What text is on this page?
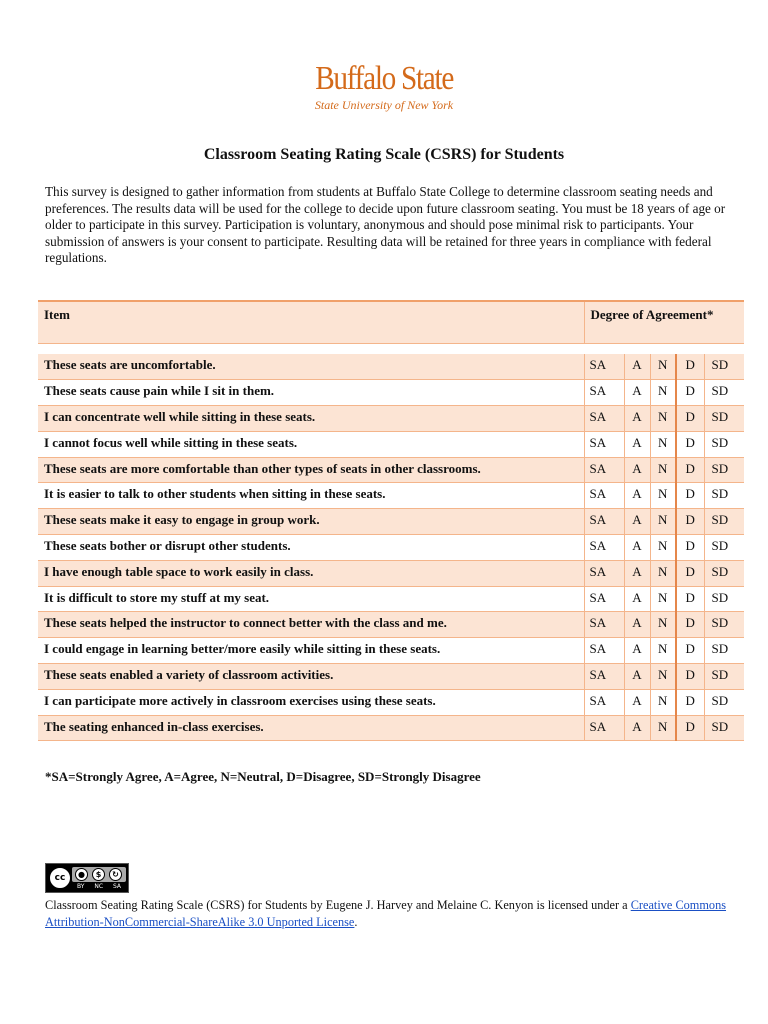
Buffalo State
State University of New York
Classroom Seating Rating Scale (CSRS) for Students

This survey is designed to gather information from students at Buffalo State College to determine classroom seating needs and preferences. The results data will be used for the college to decide upon future classroom seating. You must be 18 years of age or older to participate in this survey. Participation is voluntary, anonymous and should pose minimal risk to participants. Your submission of answers is your consent to participate. Resulting data will be retained for three years in compliance with federal regulations.

Item	Degree of Agreement*				

These seats are uncomfortable.	SA	A	N	D	SD
These seats cause pain while I sit in them.	SA	A	N	D	SD
I can concentrate well while sitting in these seats.	SA	A	N	D	SD
I cannot focus well while sitting in these seats.	SA	A	N	D	SD
These seats are more comfortable than other types of seats in other classrooms.	SA	A	N	D	SD
It is easier to talk to other students when sitting in these seats.	SA	A	N	D	SD
These seats make it easy to engage in group work.	SA	A	N	D	SD
These seats bother or disrupt other students.	SA	A	N	D	SD
I have enough table space to work easily in class.	SA	A	N	D	SD
It is difficult to store my stuff at my seat.	SA	A	N	D	SD
These seats helped the instructor to connect better with the class and me.	SA	A	N	D	SD
I could engage in learning better/more easily while sitting in these seats.	SA	A	N	D	SD
These seats enabled a variety of classroom activities.	SA	A	N	D	SD
I can participate more actively in classroom exercises using these seats.	SA	A	N	D	SD
The seating enhanced in-class exercises.	SA	A	N	D	SD
*SA=Strongly Agree, A=Agree, N=Neutral, D=Disagree, SD=Strongly Disagree
cc	●	$	↻
BY NC SA

Classroom Seating Rating Scale (CSRS) for Students by Eugene J. Harvey and Melaine C. Kenyon is licensed under a Creative Commons Attribution-NonCommercial-ShareAlike 3.0 Unported License.
